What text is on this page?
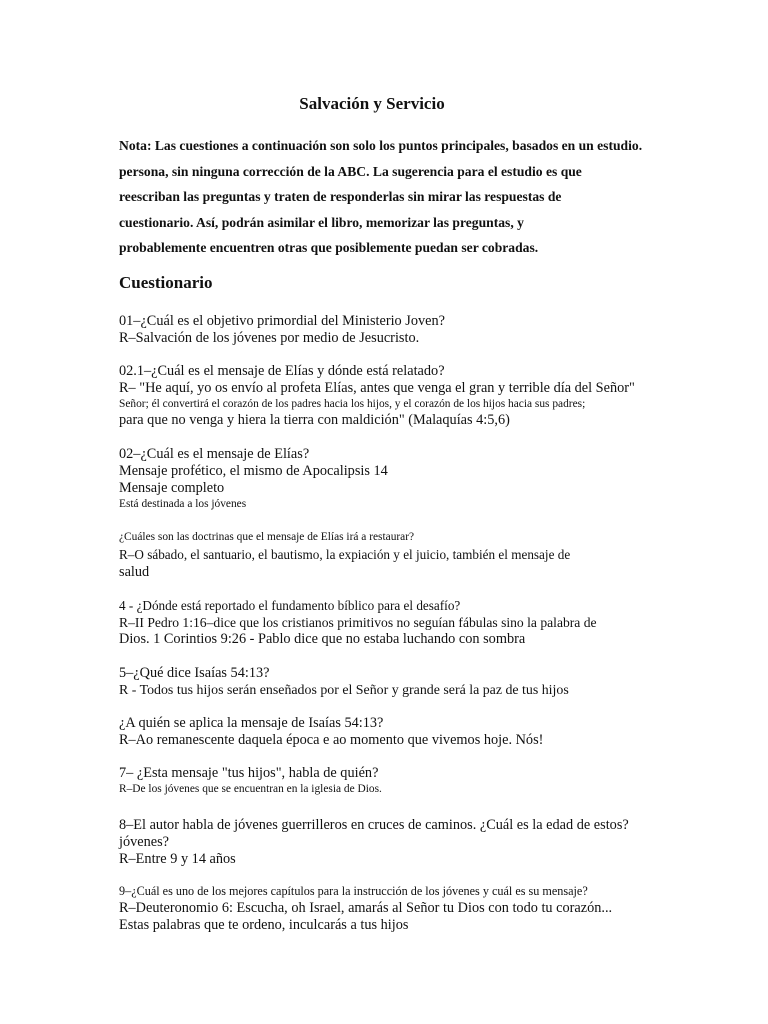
Salvación y Servicio
Nota: Las cuestiones a continuación son solo los puntos principales, basados en un estudio.
persona, sin ninguna corrección de la ABC. La sugerencia para el estudio es que
reescriban las preguntas y traten de responderlas sin mirar las respuestas de
cuestionario. Así, podrán asimilar el libro, memorizar las preguntas, y
probablemente encuentren otras que posiblemente puedan ser cobradas.
Cuestionario
01–¿Cuál es el objetivo primordial del Ministerio Joven?
R–Salvación de los jóvenes por medio de Jesucristo.
02.1–¿Cuál es el mensaje de Elías y dónde está relatado?
R– "He aquí, yo os envío al profeta Elías, antes que venga el gran y terrible día del Señor"
Señor; él convertirá el corazón de los padres hacia los hijos, y el corazón de los hijos hacia sus padres;
para que no venga y hiera la tierra con maldición" (Malaquías 4:5,6)
02–¿Cuál es el mensaje de Elías?
Mensaje profético, el mismo de Apocalipsis 14
Mensaje completo
Está destinada a los jóvenes
¿Cuáles son las doctrinas que el mensaje de Elías irá a restaurar?
R–O sábado, el santuario, el bautismo, la expiación y el juicio, también el mensaje de
salud
4 - ¿Dónde está reportado el fundamento bíblico para el desafío?
R–II Pedro 1:16–dice que los cristianos primitivos no seguían fábulas sino la palabra de
Dios. 1 Corintios 9:26 - Pablo dice que no estaba luchando con sombra
5–¿Qué dice Isaías 54:13?
R - Todos tus hijos serán enseñados por el Señor y grande será la paz de tus hijos
¿A quién se aplica la mensaje de Isaías 54:13?
R–Ao remanescente daquela época e ao momento que vivemos hoje. Nós!
7– ¿Esta mensaje "tus hijos", habla de quién?
R–De los jóvenes que se encuentran en la iglesia de Dios.
8–El autor habla de jóvenes guerrilleros en cruces de caminos. ¿Cuál es la edad de estos?
jóvenes?
R–Entre 9 y 14 años
9–¿Cuál es uno de los mejores capítulos para la instrucción de los jóvenes y cuál es su mensaje?
R–Deuteronomio 6: Escucha, oh Israel, amarás al Señor tu Dios con todo tu corazón...
Estas palabras que te ordeno, inculcarás a tus hijos
